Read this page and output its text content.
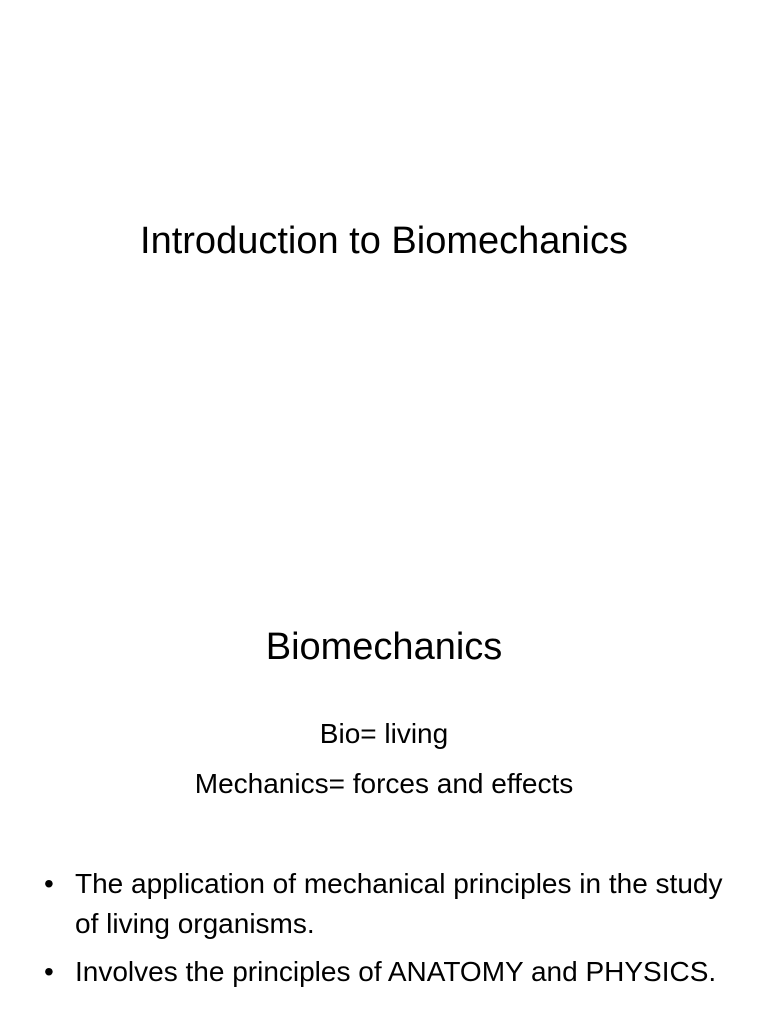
Introduction to Biomechanics
Biomechanics

Bio= living

Mechanics= forces and effects

• The application of mechanical principles in the study of living organisms.
• Involves the principles of ANATOMY and PHYSICS.
